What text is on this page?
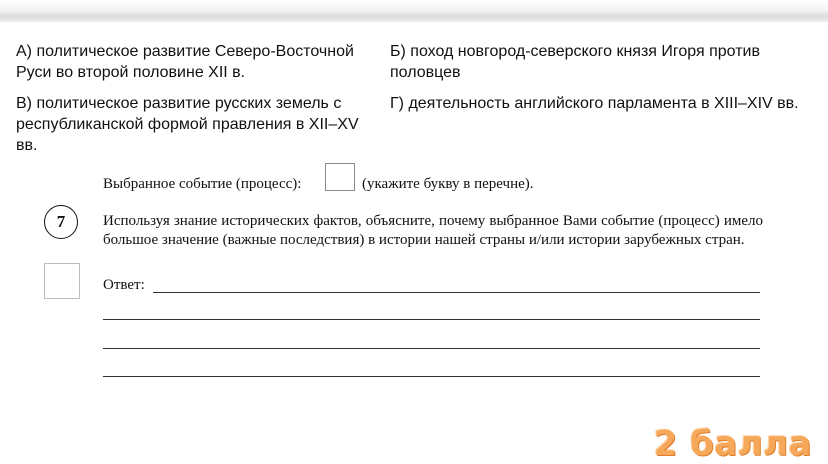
А) политическое развитие Северо-Восточной Руси во второй половине XII в.
Б) поход новгород-северского князя Игоря против половцев
В) политическое развитие русских земель с республиканской формой правления в XII–XV вв.
Г) деятельность английского парламента в XIII–XIV вв.
Выбранное событие (процесс):	(укажите букву в перечне).
7	Используя знание исторических фактов, объясните, почему выбранное Вами событие (процесс) имело большое значение (важные последствия) в истории нашей страны и/или истории зарубежных стран.
Ответ:
2 балла
